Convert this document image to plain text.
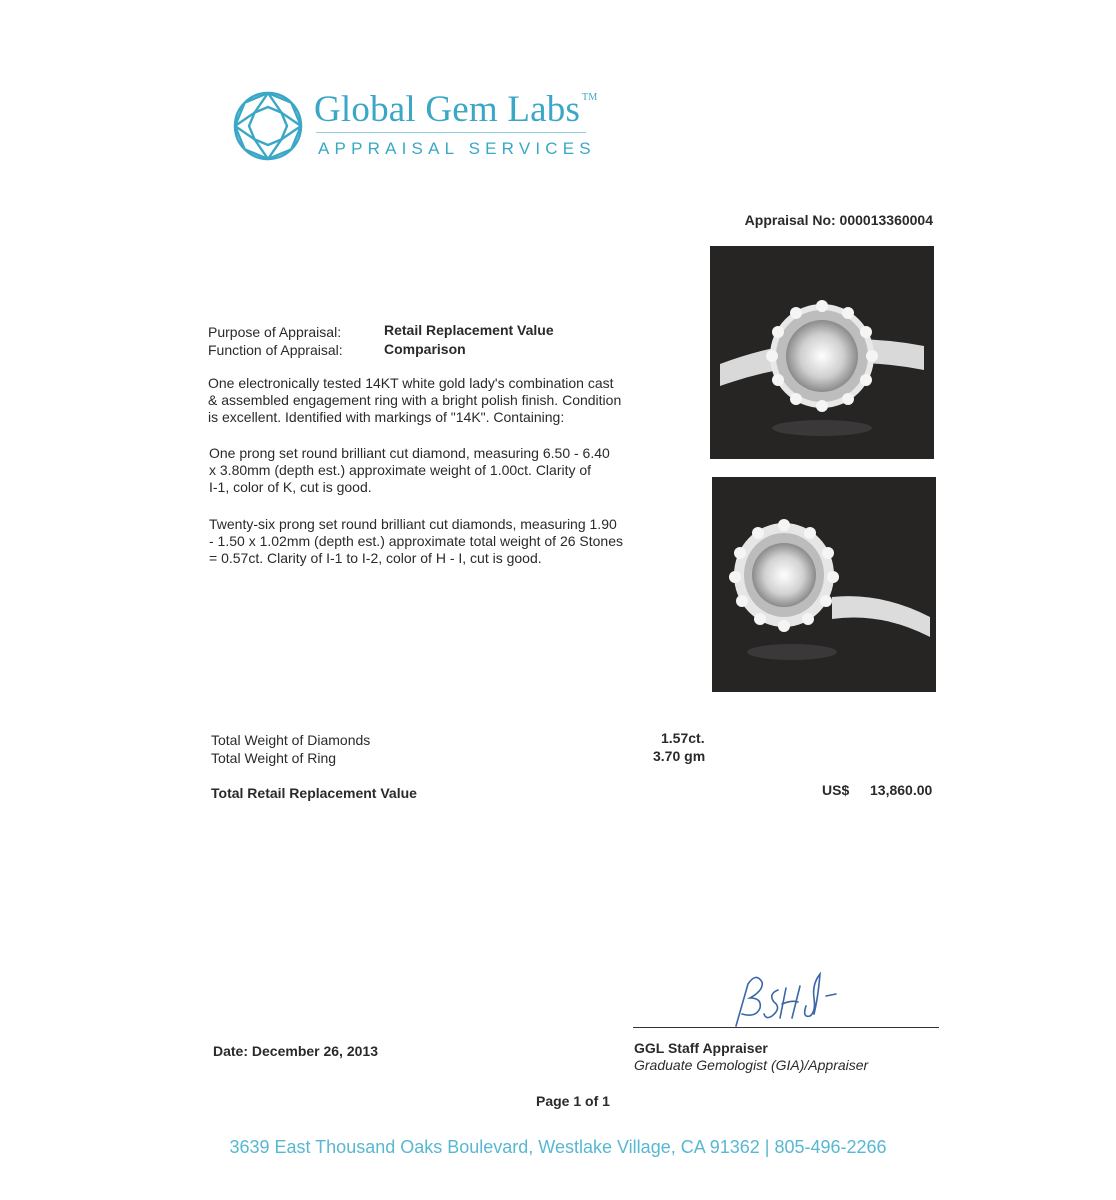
Global Gem Labs ™
APPRAISAL SERVICES
Appraisal No: 000013360004
Purpose of Appraisal:	Retail Replacement Value
Function of Appraisal:	Comparison
One electronically tested 14KT white gold lady's combination cast
& assembled engagement ring with a bright polish finish. Condition
is excellent. Identified with markings of "14K". Containing:
One prong set round brilliant cut diamond, measuring 6.50 - 6.40
x 3.80mm (depth est.) approximate weight of 1.00ct. Clarity of
I-1, color of K, cut is good.
Twenty-six prong set round brilliant cut diamonds, measuring 1.90
- 1.50 x 1.02mm (depth est.) approximate total weight of 26 Stones
= 0.57ct. Clarity of I-1 to I-2, color of H - I, cut is good.
Total Weight of Diamonds	1.57ct.
Total Weight of Ring	3.70 gm
Total Retail Replacement Value	US$ 13,860.00
GGL Staff Appraiser
Graduate Gemologist (GIA)/Appraiser
Date: December 26, 2013
Page 1 of 1
3639 East Thousand Oaks Boulevard, Westlake Village, CA 91362 | 805-496-2266
